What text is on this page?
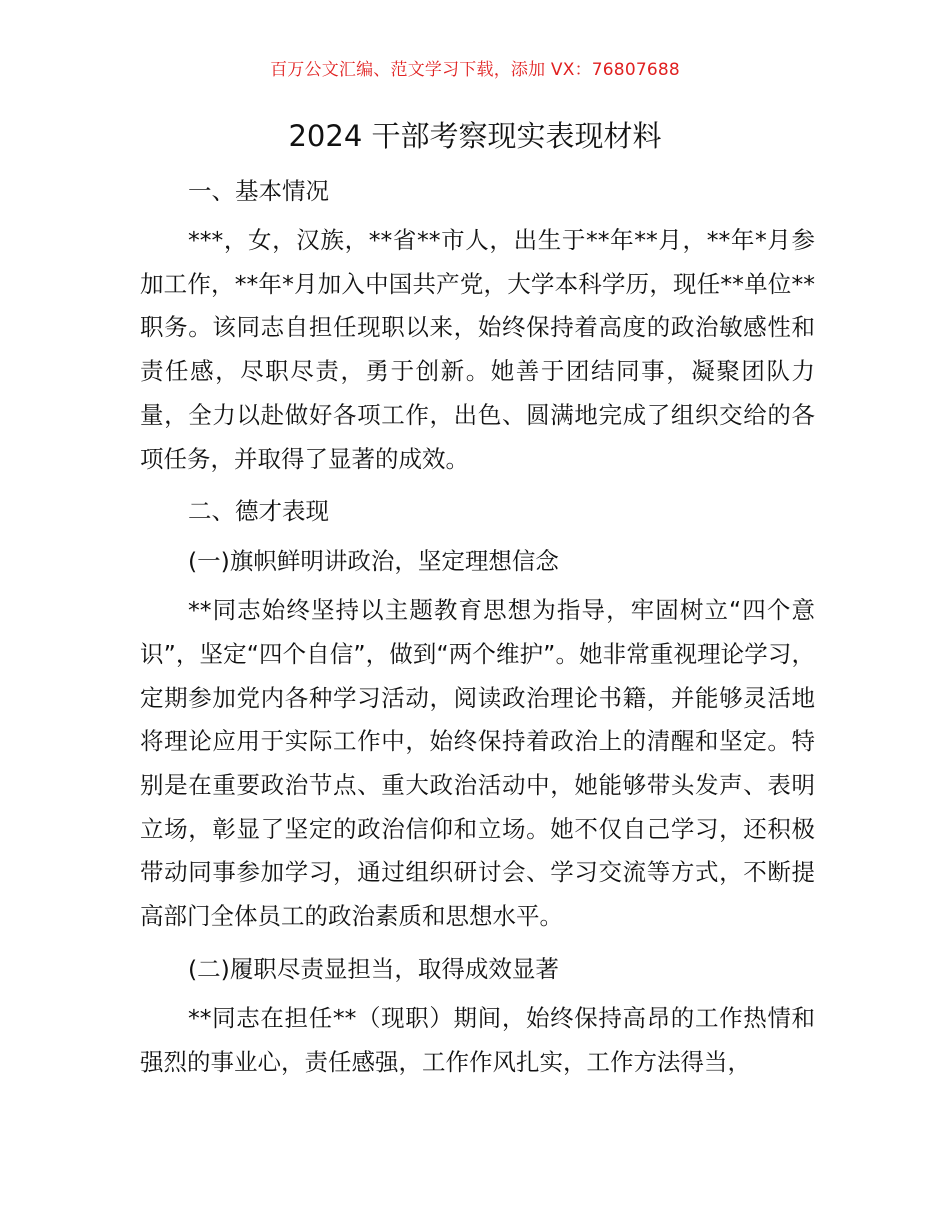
百万公文汇编、范文学习下载，添加 VX：76807688
2024 干部考察现实表现材料

一、基本情况

***，女，汉族，**省**市人，出生于**年**月，**年*月参加工作，**年*月加入中国共产党，大学本科学历，现任**单位**职务。该同志自担任现职以来，始终保持着高度的政治敏感性和责任感，尽职尽责，勇于创新。她善于团结同事，凝聚团队力量，全力以赴做好各项工作，出色、圆满地完成了组织交给的各项任务，并取得了显著的成效。

二、德才表现

(一)旗帜鲜明讲政治，坚定理想信念

**同志始终坚持以主题教育思想为指导，牢固树立“四个意识”，坚定“四个自信”，做到“两个维护”。她非常重视理论学习，定期参加党内各种学习活动，阅读政治理论书籍，并能够灵活地将理论应用于实际工作中，始终保持着政治上的清醒和坚定。特别是在重要政治节点、重大政治活动中，她能够带头发声、表明立场，彰显了坚定的政治信仰和立场。她不仅自己学习，还积极带动同事参加学习，通过组织研讨会、学习交流等方式，不断提高部门全体员工的政治素质和思想水平。

(二)履职尽责显担当，取得成效显著

**同志在担任**（现职）期间，始终保持高昂的工作热情和强烈的事业心，责任感强，工作作风扎实，工作方法得当，
